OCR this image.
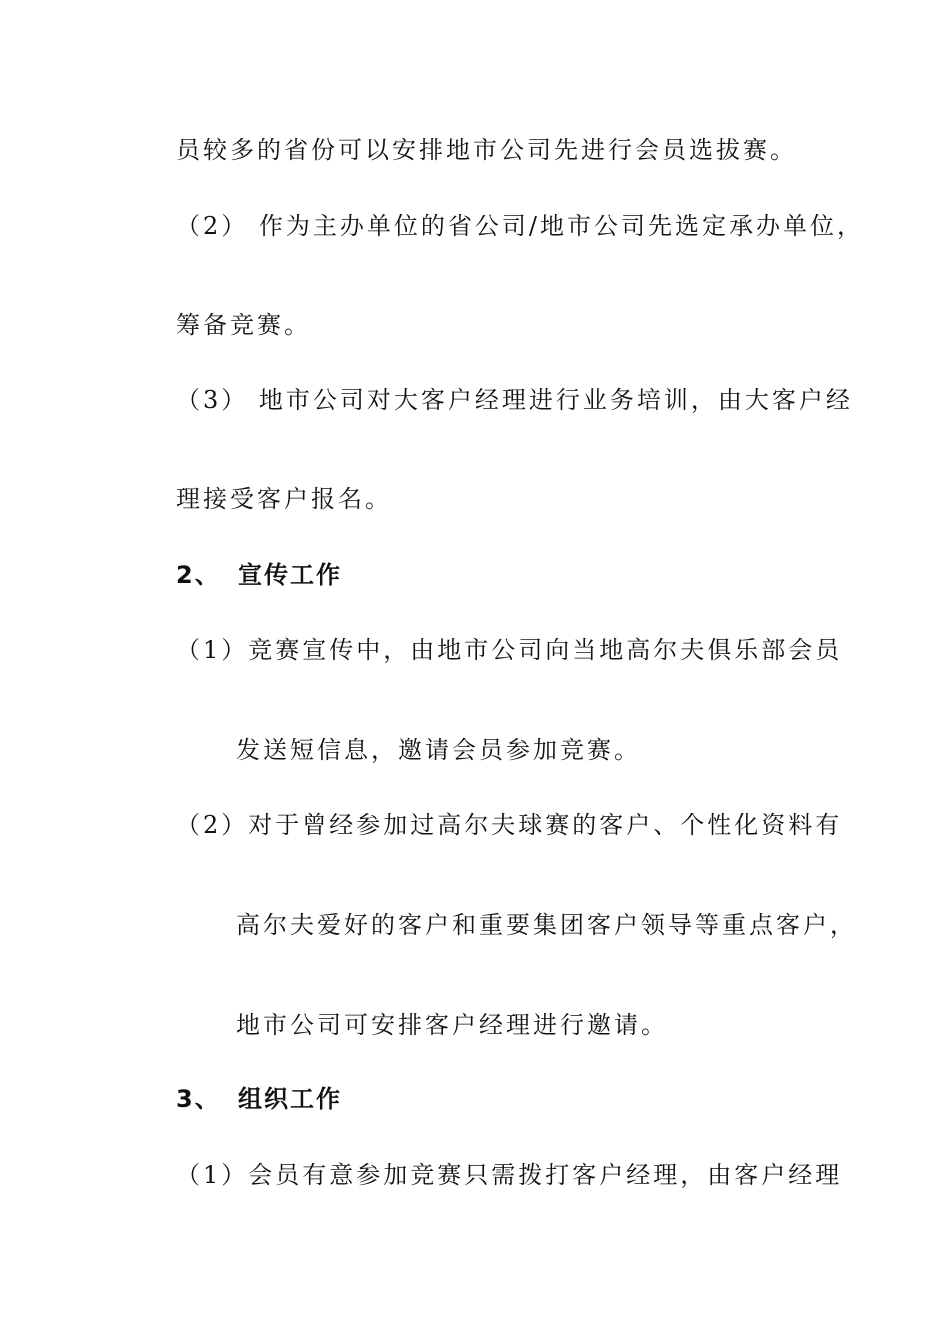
员较多的省份可以安排地市公司先进行会员选拔赛。
（2） 作为主办单位的省公司/地市公司先选定承办单位，
筹备竞赛。
（3） 地市公司对大客户经理进行业务培训，由大客户经
理接受客户报名。
2、 宣传工作
（1）竞赛宣传中，由地市公司向当地高尔夫俱乐部会员
发送短信息，邀请会员参加竞赛。
（2）对于曾经参加过高尔夫球赛的客户、个性化资料有
高尔夫爱好的客户和重要集团客户领导等重点客户，
地市公司可安排客户经理进行邀请。
3、 组织工作
（1）会员有意参加竞赛只需拨打客户经理，由客户经理
